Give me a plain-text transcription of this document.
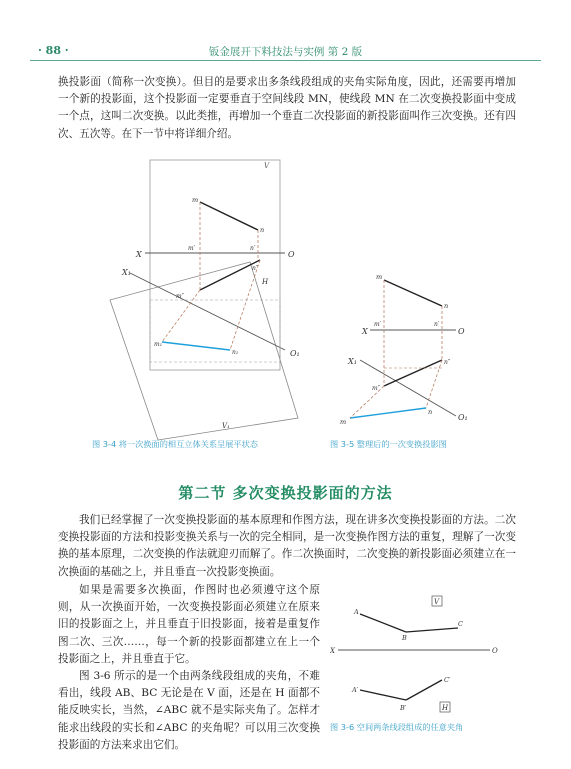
· 88 ·	钣金展开下料技法与实例 第 2 版

换投影面（简称一次变换）。但目的是要求出多条线段组成的夹角实际角度，因此，还需要再增加一个新的投影面，这个投影面一定要垂直于空间线段 MN，使线段 MN 在二次变换投影面中变成一个点，这叫二次变换。以此类推，再增加一个垂直二次投影面的新投影面叫作三次变换。还有四次、五次等。在下一节中将详细介绍。

V
X	O
X₁
O₁
V₁
H
m
n
m′	n′
m″
n″
m₁
n₁
图 3-4 将一次换面的相互立体关系呈展平状态
X	O
X₁
O₁
m
n
m′	n′
m″
n″
m
n
图 3-5 整理后的一次变换投影图
第二节 多次变换投影面的方法

我们已经掌握了一次变换投影面的基本原理和作图方法，现在讲多次变换投影面的方法。二次变换投影面的方法和投影变换关系与一次的完全相同，是一次变换作图方法的重复，理解了一次变换的基本原理，二次变换的作法就迎刃而解了。作二次换面时，二次变换的新投影面必须建立在一次换面的基础之上，并且垂直一次投影变换面。

如果是需要多次换面，作图时也必须遵守这个原则，从一次换面开始，一次变换投影面必须建立在原来旧的投影面之上，并且垂直于旧投影面，接着是重复作图二次、三次……，每一个新的投影面都建立在上一个投影面之上，并且垂直于它。

图 3-6 所示的是一个由两条线段组成的夹角，不难看出，线段 AB、BC 无论是在 V 面，还是在 H 面都不能反映实长，当然，∠ABC 就不是实际夹角了。怎样才能求出线段的实长和∠ABC 的夹角呢？可以用三次变换投影面的方法来求出它们。

V
X	O
A
B
C
A′
B′
C′
H
图 3-6 空间两条线段组成的任意夹角
